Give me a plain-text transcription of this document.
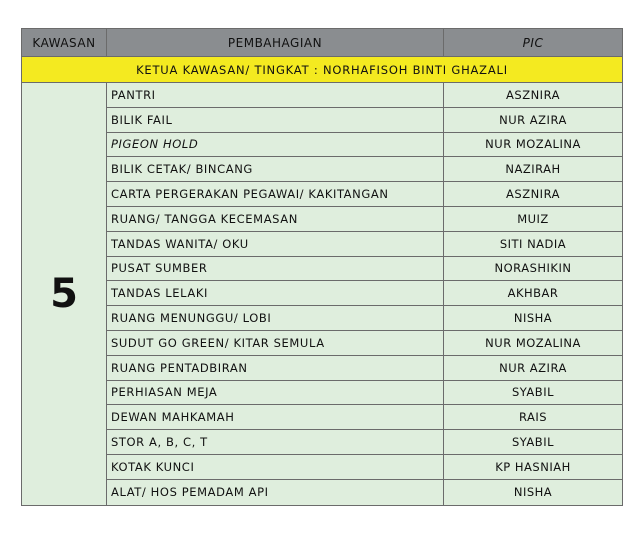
KAWASAN	PEMBAHAGIAN	PIC
KETUA KAWASAN/ TINGKAT : NORHAFISOH BINTI GHAZALI
5
PANTRI	ASZNIRA
BILIK FAIL	NUR AZIRA
PIGEON HOLD	NUR MOZALINA
BILIK CETAK/ BINCANG	NAZIRAH
CARTA PERGERAKAN PEGAWAI/ KAKITANGAN	ASZNIRA
RUANG/ TANGGA KECEMASAN	MUIZ
TANDAS WANITA/ OKU	SITI NADIA
PUSAT SUMBER	NORASHIKIN
TANDAS LELAKI	AKHBAR
RUANG MENUNGGU/ LOBI	NISHA
SUDUT GO GREEN/ KITAR SEMULA	NUR MOZALINA
RUANG PENTADBIRAN	NUR AZIRA
PERHIASAN MEJA	SYABIL
DEWAN MAHKAMAH	RAIS
STOR A, B, C, T	SYABIL
KOTAK KUNCI	KP HASNIAH
ALAT/ HOS PEMADAM API	NISHA
